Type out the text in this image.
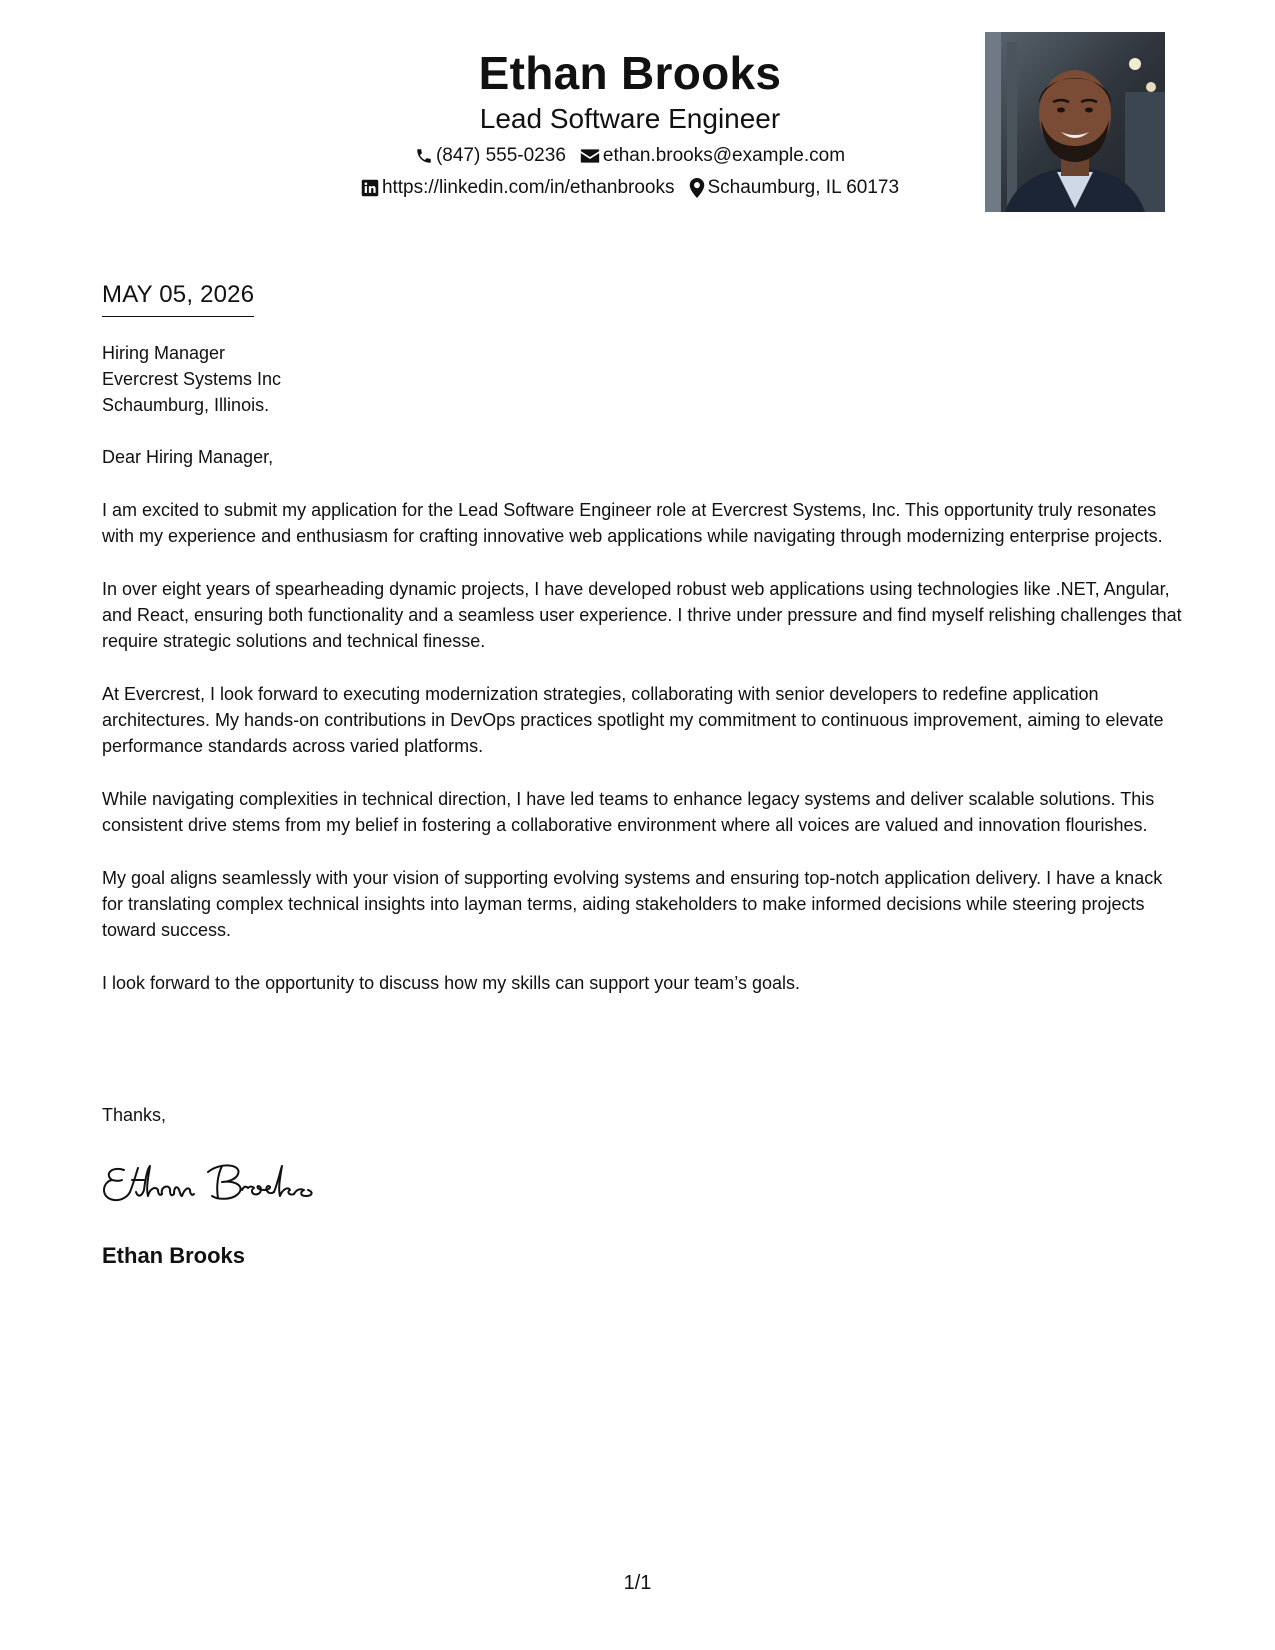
Ethan Brooks
Lead Software Engineer
(847) 555-0236 ethan.brooks@example.com
https://linkedin.com/in/ethanbrooks Schaumburg, IL 60173
MAY 05, 2026
Hiring Manager
Evercrest Systems Inc
Schaumburg, Illinois.

Dear Hiring Manager,

I am excited to submit my application for the Lead Software Engineer role at Evercrest Systems, Inc. This opportunity truly resonates with my experience and enthusiasm for crafting innovative web applications while navigating through modernizing enterprise projects.

In over eight years of spearheading dynamic projects, I have developed robust web applications using technologies like .NET, Angular, and React, ensuring both functionality and a seamless user experience. I thrive under pressure and find myself relishing challenges that require strategic solutions and technical finesse.

At Evercrest, I look forward to executing modernization strategies, collaborating with senior developers to redefine application architectures. My hands-on contributions in DevOps practices spotlight my commitment to continuous improvement, aiming to elevate performance standards across varied platforms.

While navigating complexities in technical direction, I have led teams to enhance legacy systems and deliver scalable solutions. This consistent drive stems from my belief in fostering a collaborative environment where all voices are valued and innovation flourishes.

My goal aligns seamlessly with your vision of supporting evolving systems and ensuring top-notch application delivery. I have a knack for translating complex technical insights into layman terms, aiding stakeholders to make informed decisions while steering projects toward success.

I look forward to the opportunity to discuss how my skills can support your team’s goals.

Thanks,
Ethan Brooks
1/1
